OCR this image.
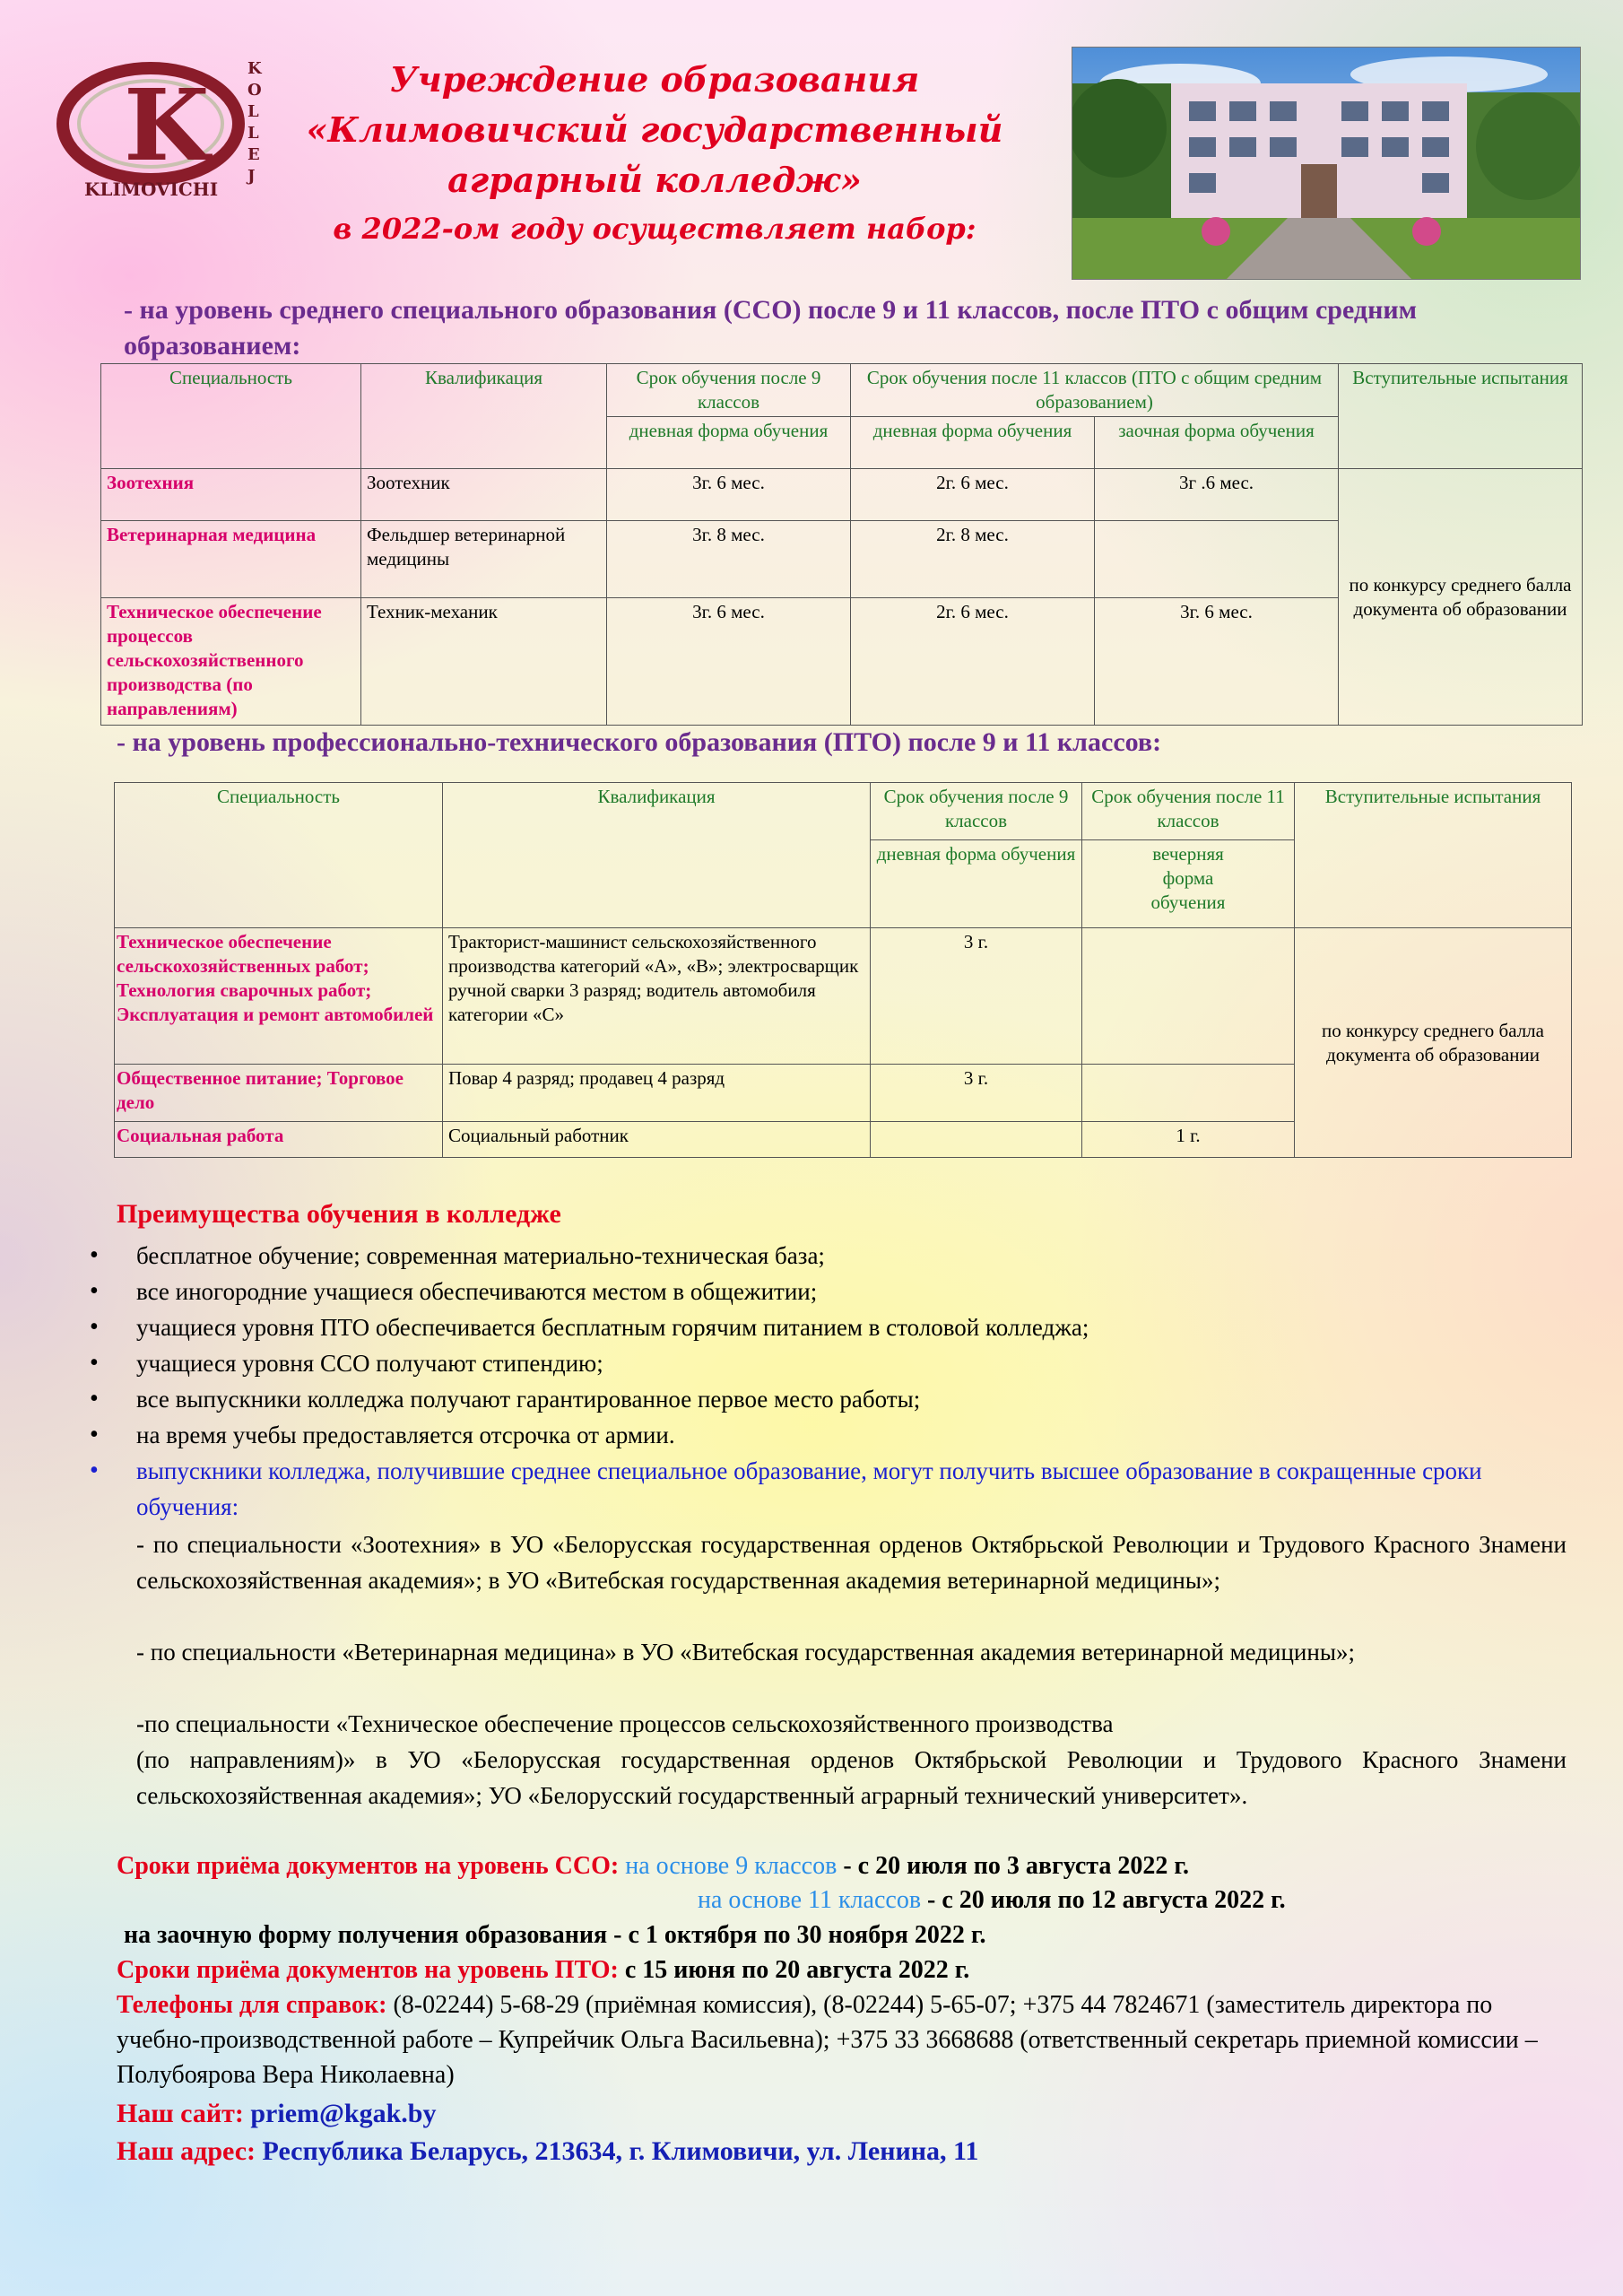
K
KLIMOVICHI
K
O
L
L
E
J
Учреждение образования
«Климовичский государственный
аграрный колледж»
в 2022-ом году осуществляет набор:
- на уровень среднего специального образования (ССО) после 9 и 11 классов, после ПТО с общим средним образованием:
Специальность	Квалификация	Срок обучения после 9 классов	Срок обучения после 11 классов (ПТО с общим средним образованием)		Вступительные испытания
		дневная форма обучения	дневная форма обучения	заочная форма обучения	
Зоотехния	Зоотехник	3г. 6 мес.	2г. 6 мес.	3г .6 мес.	по конкурсу среднего балла документа об образовании
Ветеринарная медицина	Фельдшер ветеринарной медицины	3г. 8 мес.	2г. 8 мес.		
Техническое обеспечение процессов сельскохозяйственного производства (по направлениям)	Техник-механик	3г. 6 мес.	2г. 6 мес.	3г. 6 мес.	
- на уровень профессионально-технического образования (ПТО) после 9 и 11 классов:
Специальность	Квалификация	Срок обучения после 9 классов	Срок обучения после 11 классов	Вступительные испытания
		дневная форма обучения	вечерняя форма обучения	
Техническое обеспечение сельскохозяйственных работ; Технология сварочных работ; Эксплуатация и ремонт автомобилей	Тракторист-машинист сельскохозяйственного производства категорий «А», «В»; электросварщик ручной сварки 3 разряд; водитель автомобиля категории «С»	3 г.		по конкурсу среднего балла документа об образовании
Общественное питание; Торговое дело	Повар 4 разряд; продавец 4 разряд	3 г.		
Социальная работа	Социальный работник		1 г.	
Преимущества обучения в колледже
• бесплатное обучение; современная материально-техническая база;
• все иногородние учащиеся обеспечиваются местом в общежитии;
• учащиеся уровня ПТО обеспечивается бесплатным горячим питанием в столовой колледжа;
• учащиеся уровня ССО получают стипендию;
• все выпускники колледжа получают гарантированное первое место работы;
• на время учебы предоставляется отсрочка от армии.
• выпускники колледжа, получившие среднее специальное образование, могут получить высшее образование в сокращенные сроки обучения:
- по специальности «Зоотехния» в УО «Белорусская государственная орденов Октябрьской Революции и Трудового Красного Знамени сельскохозяйственная академия»; в УО «Витебская государственная академия ветеринарной медицины»;
- по специальности «Ветеринарная медицина» в УО «Витебская государственная академия ветеринарной медицины»;
-по специальности «Техническое обеспечение процессов сельскохозяйственного производства
(по направлениям)» в УО «Белорусская государственная орденов Октябрьской Революции и Трудового Красного Знамени сельскохозяйственная академия»; УО «Белорусский государственный аграрный технический университет».
Сроки приёма документов на уровень ССО: на основе 9 классов - с 20 июля по 3 августа 2022 г.
на основе 11 классов - с 20 июля по 12 августа 2022 г.
на заочную форму получения образования - с 1 октября по 30 ноября 2022 г.
Сроки приёма документов на уровень ПТО: с 15 июня по 20 августа 2022 г.
Телефоны для справок: (8-02244) 5-68-29 (приёмная комиссия), (8-02244) 5-65-07; +375 44 7824671 (заместитель директора по учебно-производственной работе – Купрейчик Ольга Васильевна); +375 33 3668688 (ответственный секретарь приемной комиссии – Полубоярова Вера Николаевна)
Наш сайт: priem@kgak.by
Наш адрес: Республика Беларусь, 213634, г. Климовичи, ул. Ленина, 11
